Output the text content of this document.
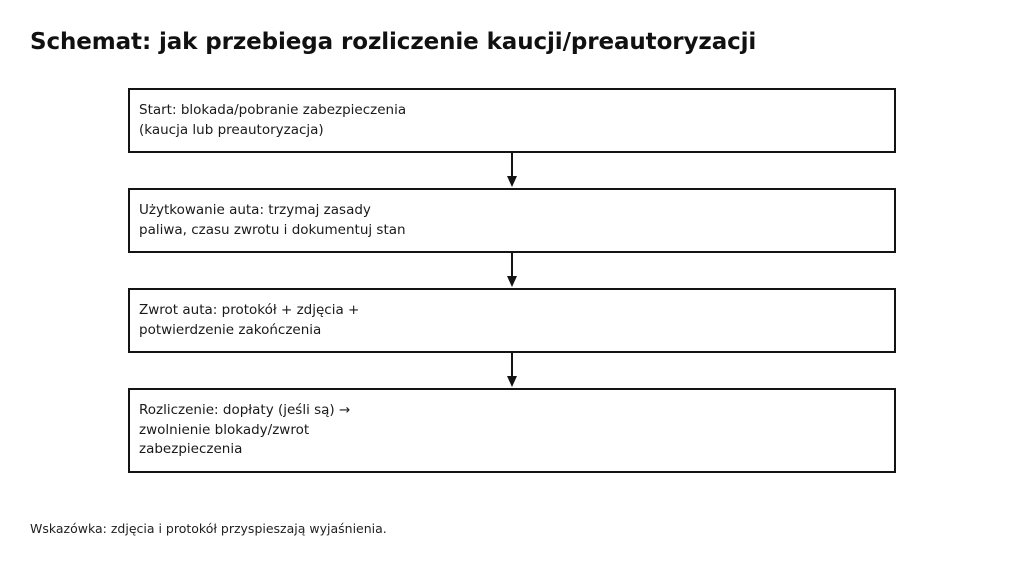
Schemat: jak przebiega rozliczenie kaucji/preautoryzacji
Start: blokada/pobranie zabezpieczenia
(kaucja lub preautoryzacja)
Użytkowanie auta: trzymaj zasady
paliwa, czasu zwrotu i dokumentuj stan
Zwrot auta: protokół + zdjęcia +
potwierdzenie zakończenia
Rozliczenie: dopłaty (jeśli są) →
zwolnienie blokady/zwrot
zabezpieczenia
Wskazówka: zdjęcia i protokół przyspieszają wyjaśnienia.
